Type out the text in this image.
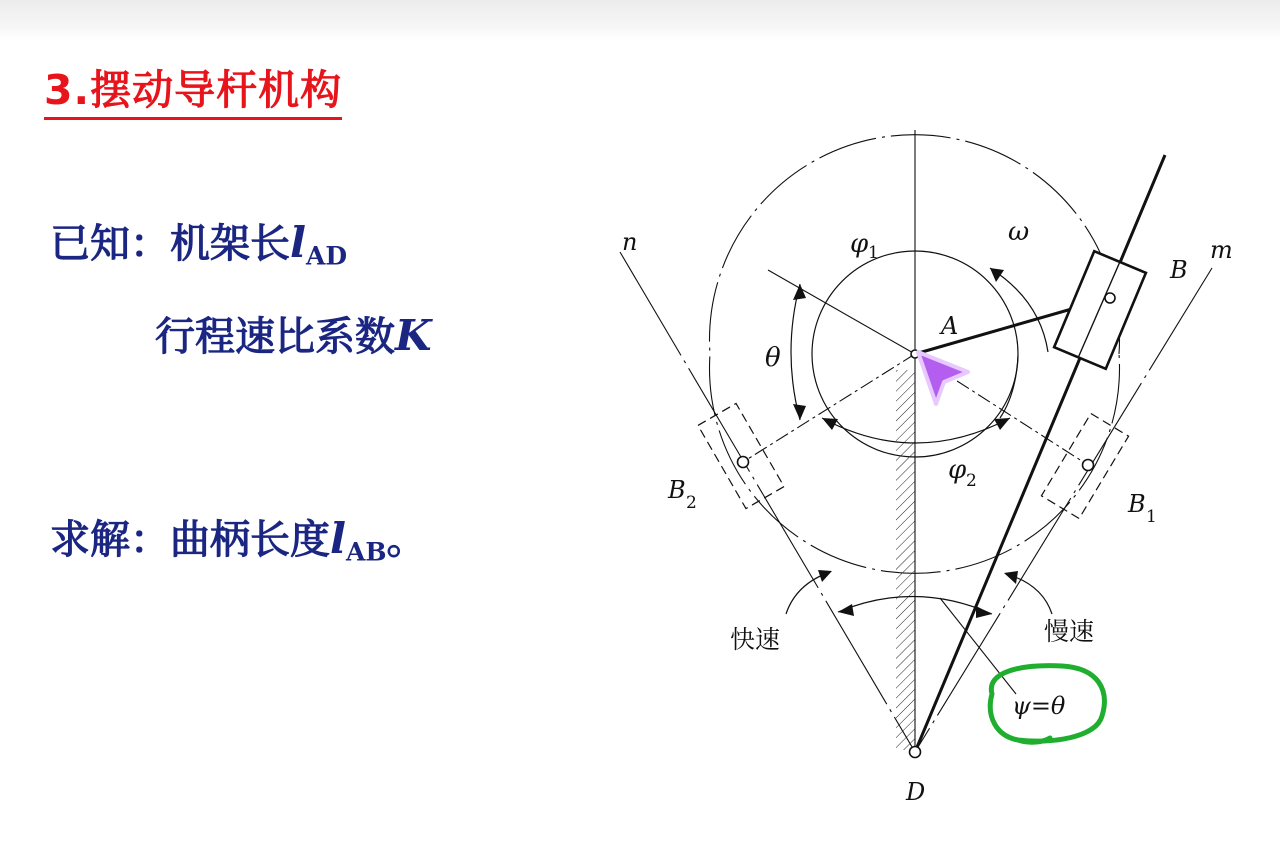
3.摆动导杆机构
已知：机架长$l_{AD}$
行程速比系数K
求解：曲柄长度$l_{AB}$。
n	m
φ 1
ω
B
A
θ
φ 2
B 2	B 1
快速	慢速
ψ=θ
D
